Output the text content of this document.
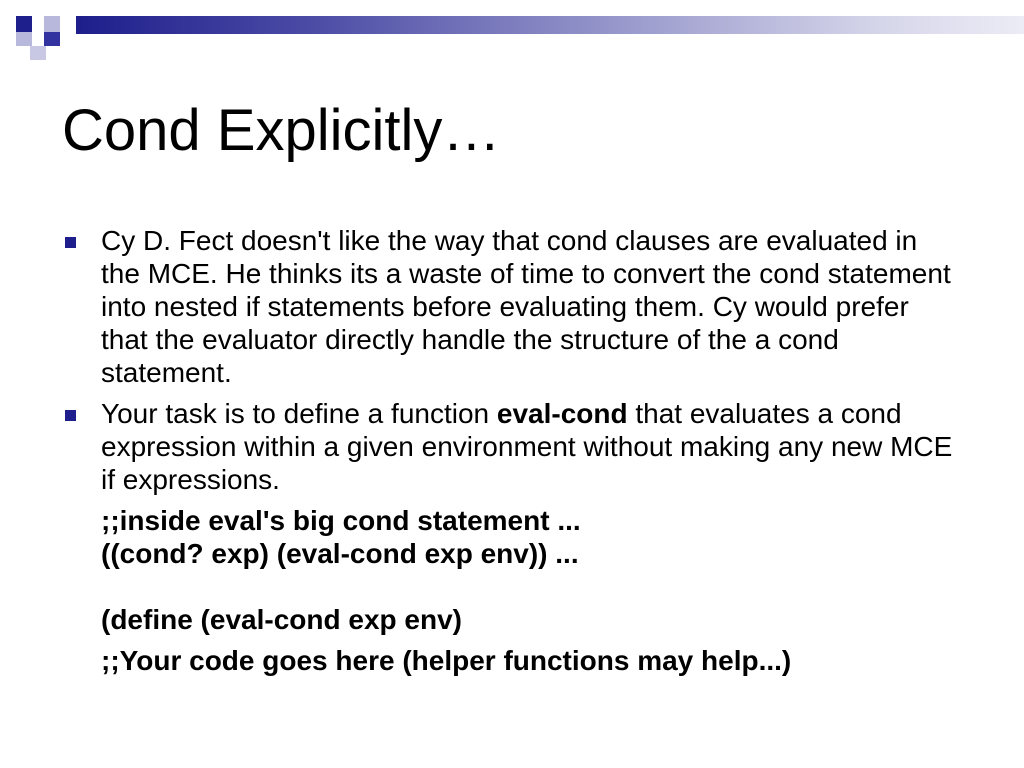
Cond Explicitly…
Cy D. Fect doesn't like the way that cond clauses are evaluated in the MCE. He thinks its a waste of time to convert the cond statement into nested if statements before evaluating them. Cy would prefer that the evaluator directly handle the structure of the a cond statement.
Your task is to define a function eval-cond that evaluates a cond expression within a given environment without making any new MCE if expressions.
;;inside eval's big cond statement ...
((cond? exp) (eval-cond exp env)) ...
(define (eval-cond exp env)
;;Your code goes here (helper functions may help...)
